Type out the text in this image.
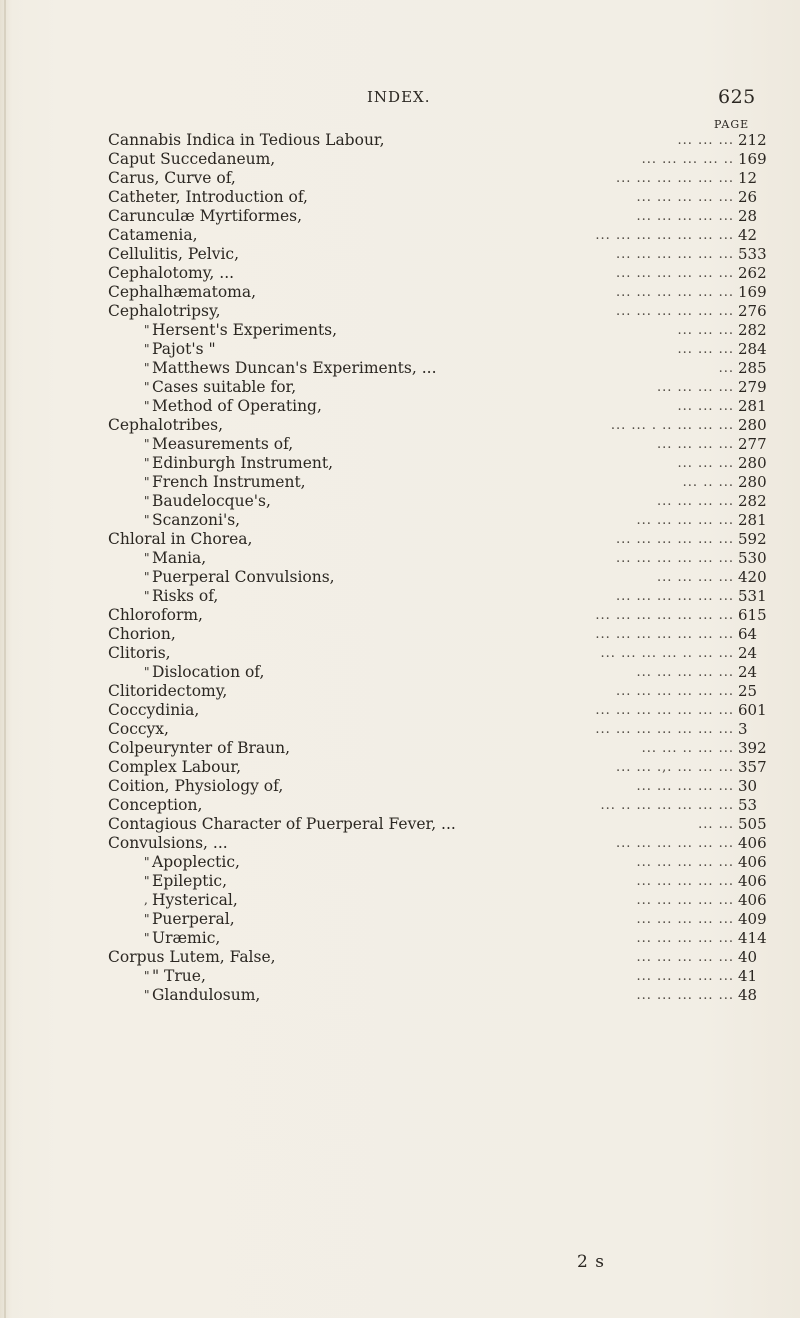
INDEX.	625
PAGE
Cannabis Indica in Tedious Labour,	... ... ... 212
Caput Succedaneum,	... ... ... ... .. 169
Carus, Curve of,	... ... ... ... ... ... 12
Catheter, Introduction of,	... ... ... ... ... 26
Carunculæ Myrtiformes,	... ... ... ... ... 28
Catamenia,	... ... ... ... ... ... ... 42
Cellulitis, Pelvic,	... ... ... ... ... ... 533
Cephalotomy, ...	... ... ... ... ... ... 262
Cephalhæmatoma,	... ... ... ... ... ... 169
Cephalotripsy,	... ... ... ... ... ... 276
" Hersent's Experiments,	... ... ... 282
" Pajot's "	... ... ... 284
" Matthews Duncan's Experiments, ...	... 285
" Cases suitable for,	... ... ... ... 279
" Method of Operating,	... ... ... 281
Cephalotribes,	... ... . .. ... ... ... 280
" Measurements of,	... ... ... ... 277
" Edinburgh Instrument,	... ... ... 280
" French Instrument,	... .. ... 280
" Baudelocque's,	... ... ... ... 282
" Scanzoni's,	... ... ... ... ... 281
Chloral in Chorea,	... ... ... ... ... ... 592
" Mania,	... ... ... ... ... ... 530
" Puerperal Convulsions,	... ... ... ... 420
" Risks of,	... ... ... ... ... ... 531
Chloroform,	... ... ... ... ... ... ... 615
Chorion,	... ... ... ... ... ... ... 64
Clitoris,	... ... ... ... .. ... ... 24
" Dislocation of,	... ... ... ... ... 24
Clitoridectomy,	... ... ... ... ... ... 25
Coccydinia,	... ... ... ... ... ... ... 601
Coccyx,	... ... ... ... ... ... ... 3
Colpeurynter of Braun,	... ... .. ... ... 392
Complex Labour,	... ... .,. ... ... ... 357
Coition, Physiology of,	... ... ... ... ... 30
Conception,	... .. ... ... ... ... ... 53
Contagious Character of Puerperal Fever, ...	... ... 505
Convulsions, ...	... ... ... ... ... ... 406
" Apoplectic,	... ... ... ... ... 406
" Epileptic,	... ... ... ... ... 406
, Hysterical,	... ... ... ... ... 406
" Puerperal,	... ... ... ... ... 409
" Uræmic,	... ... ... ... ... 414
Corpus Lutem, False,	... ... ... ... ... 40
" " True,	... ... ... ... ... 41
" Glandulosum,	... ... ... ... ... 48
2 s
